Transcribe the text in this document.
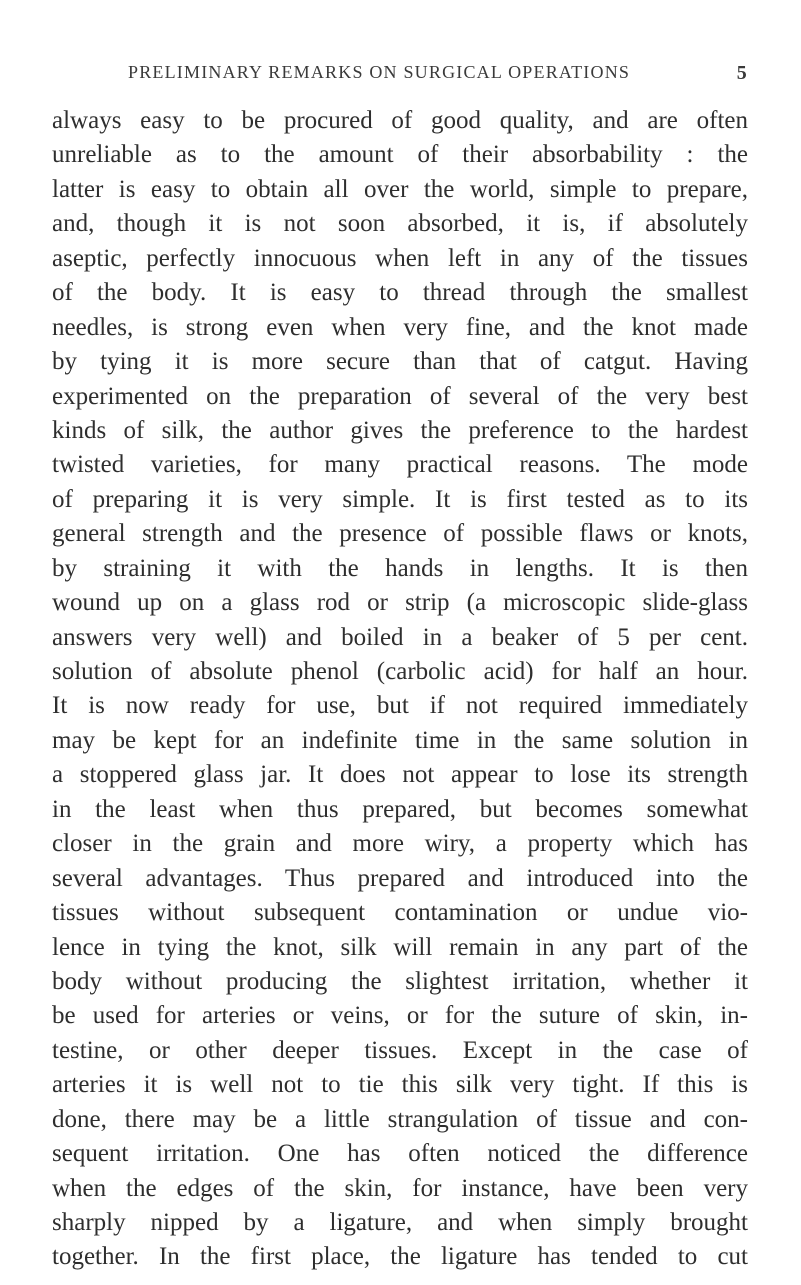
PRELIMINARY REMARKS ON SURGICAL OPERATIONS	5
always easy to be procured of good quality, and are often
unreliable as to the amount of their absorbability : the
latter is easy to obtain all over the world, simple to prepare,
and, though it is not soon absorbed, it is, if absolutely
aseptic, perfectly innocuous when left in any of the tissues
of the body. It is easy to thread through the smallest
needles, is strong even when very fine, and the knot made
by tying it is more secure than that of catgut. Having
experimented on the preparation of several of the very best
kinds of silk, the author gives the preference to the hardest
twisted varieties, for many practical reasons. The mode
of preparing it is very simple. It is first tested as to its
general strength and the presence of possible flaws or knots,
by straining it with the hands in lengths. It is then
wound up on a glass rod or strip (a microscopic slide-glass
answers very well) and boiled in a beaker of 5 per cent.
solution of absolute phenol (carbolic acid) for half an hour.
It is now ready for use, but if not required immediately
may be kept for an indefinite time in the same solution in
a stoppered glass jar. It does not appear to lose its strength
in the least when thus prepared, but becomes somewhat
closer in the grain and more wiry, a property which has
several advantages. Thus prepared and introduced into the
tissues without subsequent contamination or undue vio-
lence in tying the knot, silk will remain in any part of the
body without producing the slightest irritation, whether it
be used for arteries or veins, or for the suture of skin, in-
testine, or other deeper tissues. Except in the case of
arteries it is well not to tie this silk very tight. If this is
done, there may be a little strangulation of tissue and con-
sequent irritation. One has often noticed the difference
when the edges of the skin, for instance, have been very
sharply nipped by a ligature, and when simply brought
together. In the first place, the ligature has tended to cut
